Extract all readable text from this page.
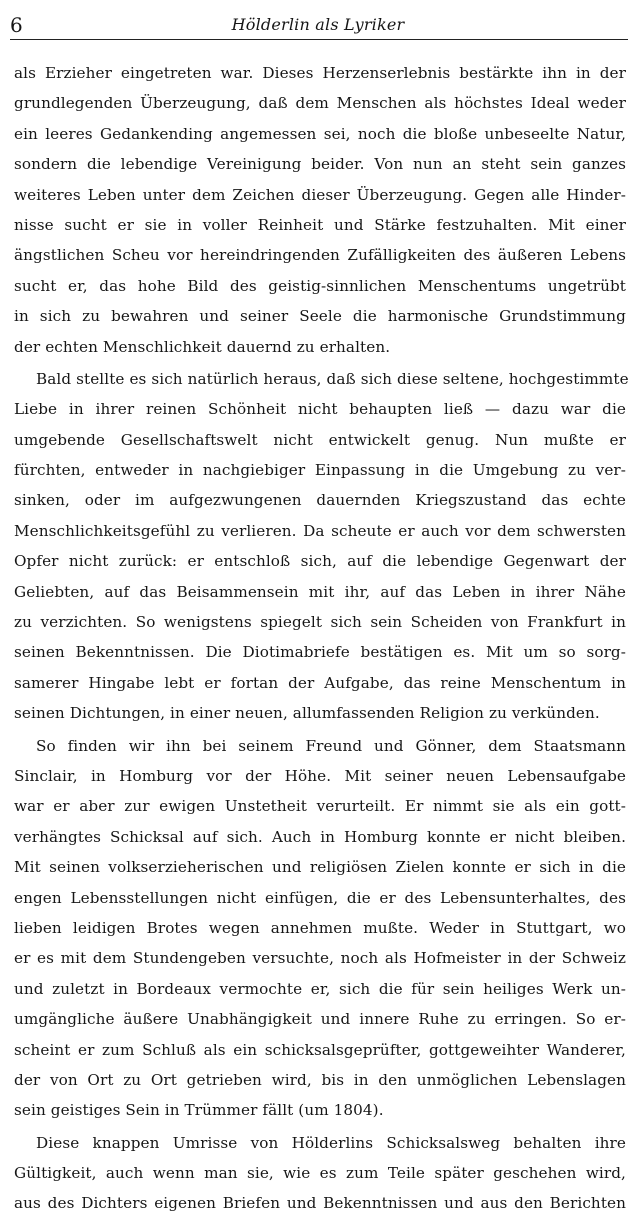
6	Hölderlin als Lyriker
als Erzieher eingetreten war. Dieses Herzenserlebnis bestärkte ihn in der
grundlegenden Überzeugung, daß dem Menschen als höchstes Ideal weder
ein leeres Gedankending angemessen sei, noch die bloße unbeseelte Natur,
sondern die lebendige Vereinigung beider. Von nun an steht sein ganzes
weiteres Leben unter dem Zeichen dieser Überzeugung. Gegen alle Hinder-
nisse sucht er sie in voller Reinheit und Stärke festzuhalten. Mit einer
ängstlichen Scheu vor hereindringenden Zufälligkeiten des äußeren Lebens
sucht er, das hohe Bild des geistig-sinnlichen Menschentums ungetrübt
in sich zu bewahren und seiner Seele die harmonische Grundstimmung
der echten Menschlichkeit dauernd zu erhalten.
Bald stellte es sich natürlich heraus, daß sich diese seltene, hochgestimmte
Liebe in ihrer reinen Schönheit nicht behaupten ließ — dazu war die
umgebende Gesellschaftswelt nicht entwickelt genug. Nun mußte er
fürchten, entweder in nachgiebiger Einpassung in die Umgebung zu ver-
sinken, oder im aufgezwungenen dauernden Kriegszustand das echte
Menschlichkeitsgefühl zu verlieren. Da scheute er auch vor dem schwersten
Opfer nicht zurück: er entschloß sich, auf die lebendige Gegenwart der
Geliebten, auf das Beisammensein mit ihr, auf das Leben in ihrer Nähe
zu verzichten. So wenigstens spiegelt sich sein Scheiden von Frankfurt in
seinen Bekenntnissen. Die Diotimabriefe bestätigen es. Mit um so sorg-
samerer Hingabe lebt er fortan der Aufgabe, das reine Menschentum in
seinen Dichtungen, in einer neuen, allumfassenden Religion zu verkünden.
So finden wir ihn bei seinem Freund und Gönner, dem Staatsmann
Sinclair, in Homburg vor der Höhe. Mit seiner neuen Lebensaufgabe
war er aber zur ewigen Unstetheit verurteilt. Er nimmt sie als ein gott-
verhängtes Schicksal auf sich. Auch in Homburg konnte er nicht bleiben.
Mit seinen volkserzieherischen und religiösen Zielen konnte er sich in die
engen Lebensstellungen nicht einfügen, die er des Lebensunterhaltes, des
lieben leidigen Brotes wegen annehmen mußte. Weder in Stuttgart, wo
er es mit dem Stundengeben versuchte, noch als Hofmeister in der Schweiz
und zuletzt in Bordeaux vermochte er, sich die für sein heiliges Werk un-
umgängliche äußere Unabhängigkeit und innere Ruhe zu erringen. So er-
scheint er zum Schluß als ein schicksalsgeprüfter, gottgeweihter Wanderer,
der von Ort zu Ort getrieben wird, bis in den unmöglichen Lebenslagen
sein geistiges Sein in Trümmer fällt (um 1804).
Diese knappen Umrisse von Hölderlins Schicksalsweg behalten ihre
Gültigkeit, auch wenn man sie, wie es zum Teile später geschehen wird,
aus des Dichters eigenen Briefen und Bekenntnissen und aus den Berichten
